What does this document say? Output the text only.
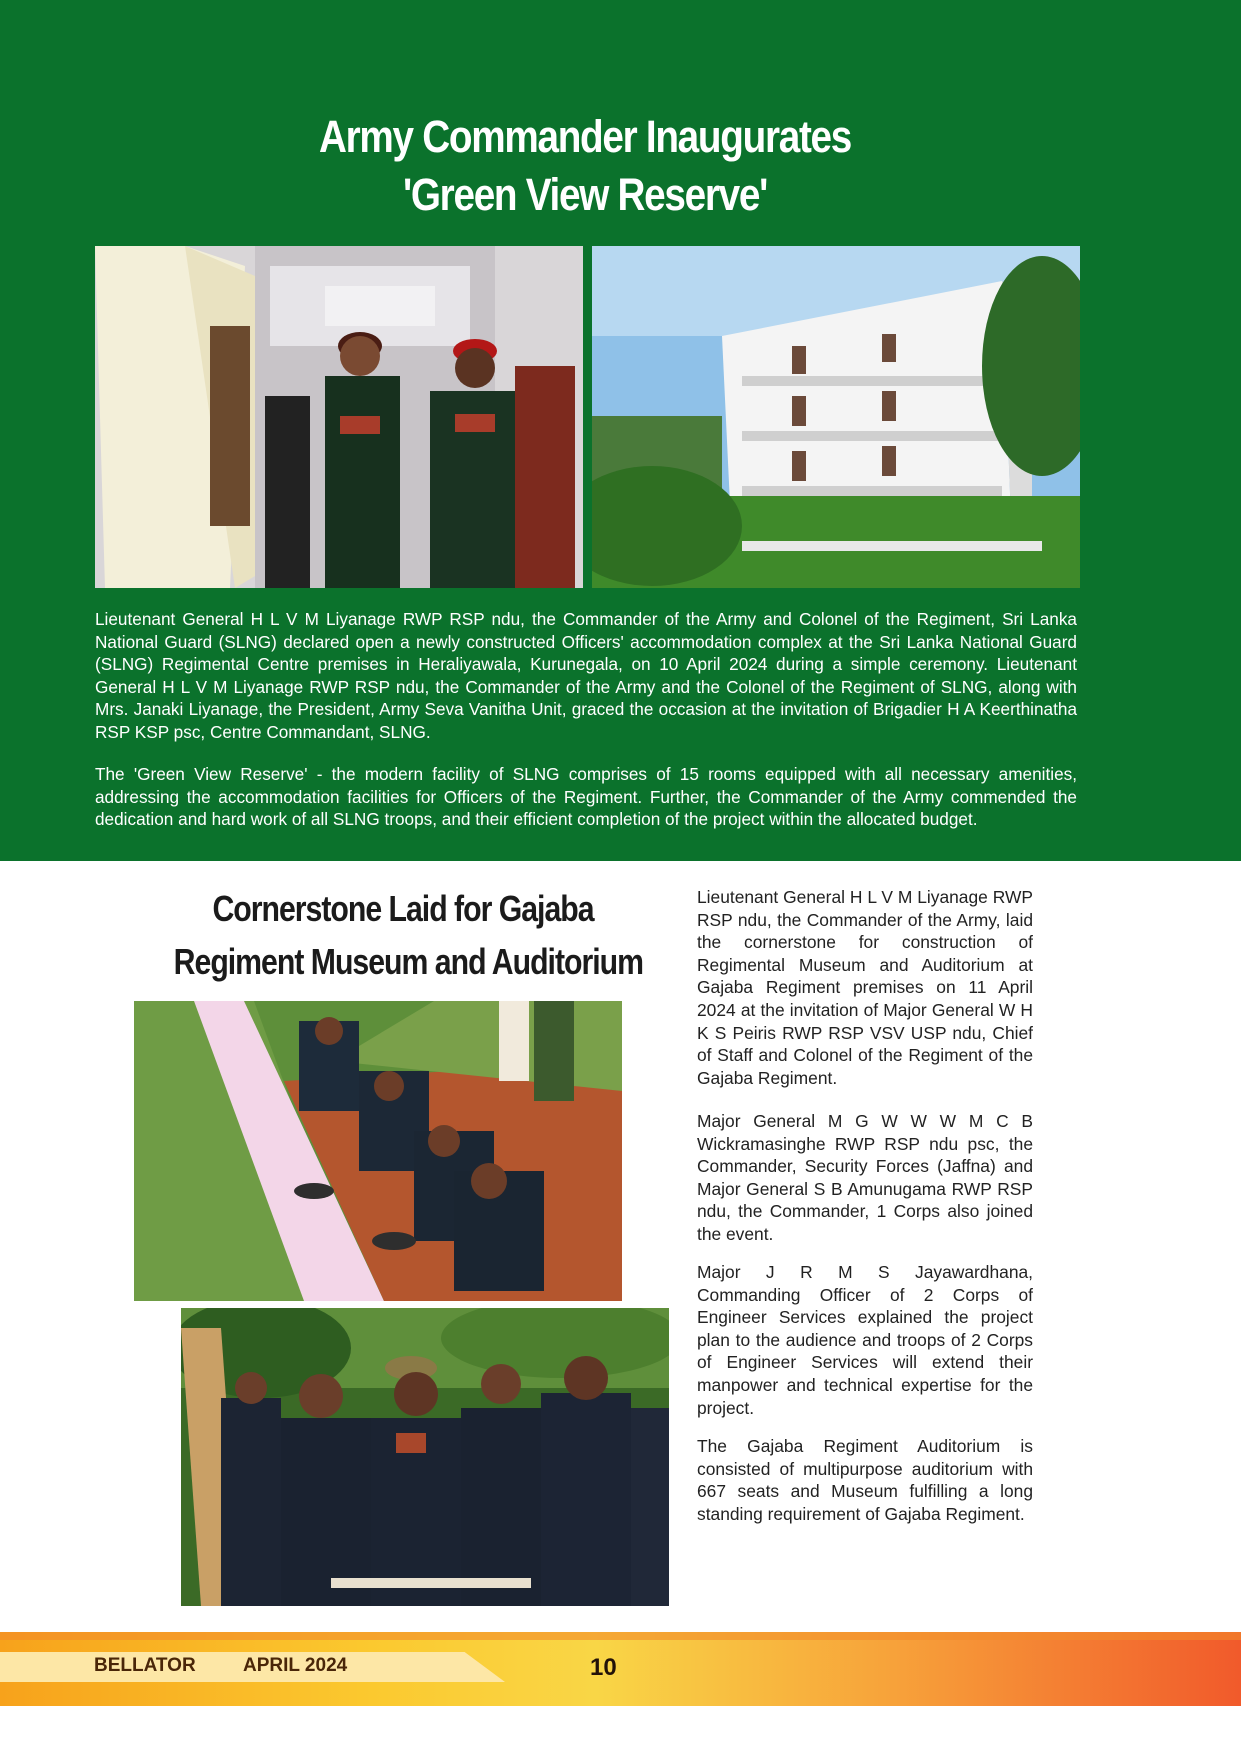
Army Commander Inaugurates
'Green View Reserve'

Lieutenant General H L V M Liyanage RWP RSP ndu, the Commander of the Army and Colonel of the Regiment, Sri Lanka National Guard (SLNG) declared open a newly constructed Officers' accommodation complex at the Sri Lanka National Guard (SLNG) Regimental Centre premises in Heraliyawala, Kurunegala, on 10 April 2024 during a simple ceremony. Lieutenant General H L V M Liyanage RWP RSP ndu, the Commander of the Army and the Colonel of the Regiment of SLNG, along with Mrs. Janaki Liyanage, the President, Army Seva Vanitha Unit, graced the occasion at the invitation of Brigadier H A Keerthinatha RSP KSP psc, Centre Commandant, SLNG.

The 'Green View Reserve' - the modern facility of SLNG comprises of 15 rooms equipped with all necessary amenities, addressing the accommodation facilities for Officers of the Regiment. Further, the Commander of the Army commended the dedication and hard work of all SLNG troops, and their efficient completion of the project within the allocated budget.

Cornerstone Laid for Gajaba
Regiment Museum and Auditorium

Lieutenant General H L V M Liyanage RWP RSP ndu, the Commander of the Army, laid the cornerstone for construction of Regimental Museum and Auditorium at Gajaba Regiment premises on 11 April 2024 at the invitation of Major General W H K S Peiris RWP RSP VSV USP ndu, Chief of Staff and Colonel of the Regiment of the Gajaba Regiment.

Major General M G W W W M C B Wickramasinghe RWP RSP ndu psc, the Commander, Security Forces (Jaffna) and Major General S B Amunugama RWP RSP ndu, the Commander, 1 Corps also joined the event.

Major J R M S Jayawardhana, Commanding Officer of 2 Corps of Engineer Services explained the project plan to the audience and troops of 2 Corps of Engineer Services will extend their manpower and technical expertise for the project.

The Gajaba Regiment Auditorium is consisted of multipurpose auditorium with 667 seats and Museum fulfilling a long standing requirement of Gajaba Regiment.

BELLATOR APRIL 2024	10
